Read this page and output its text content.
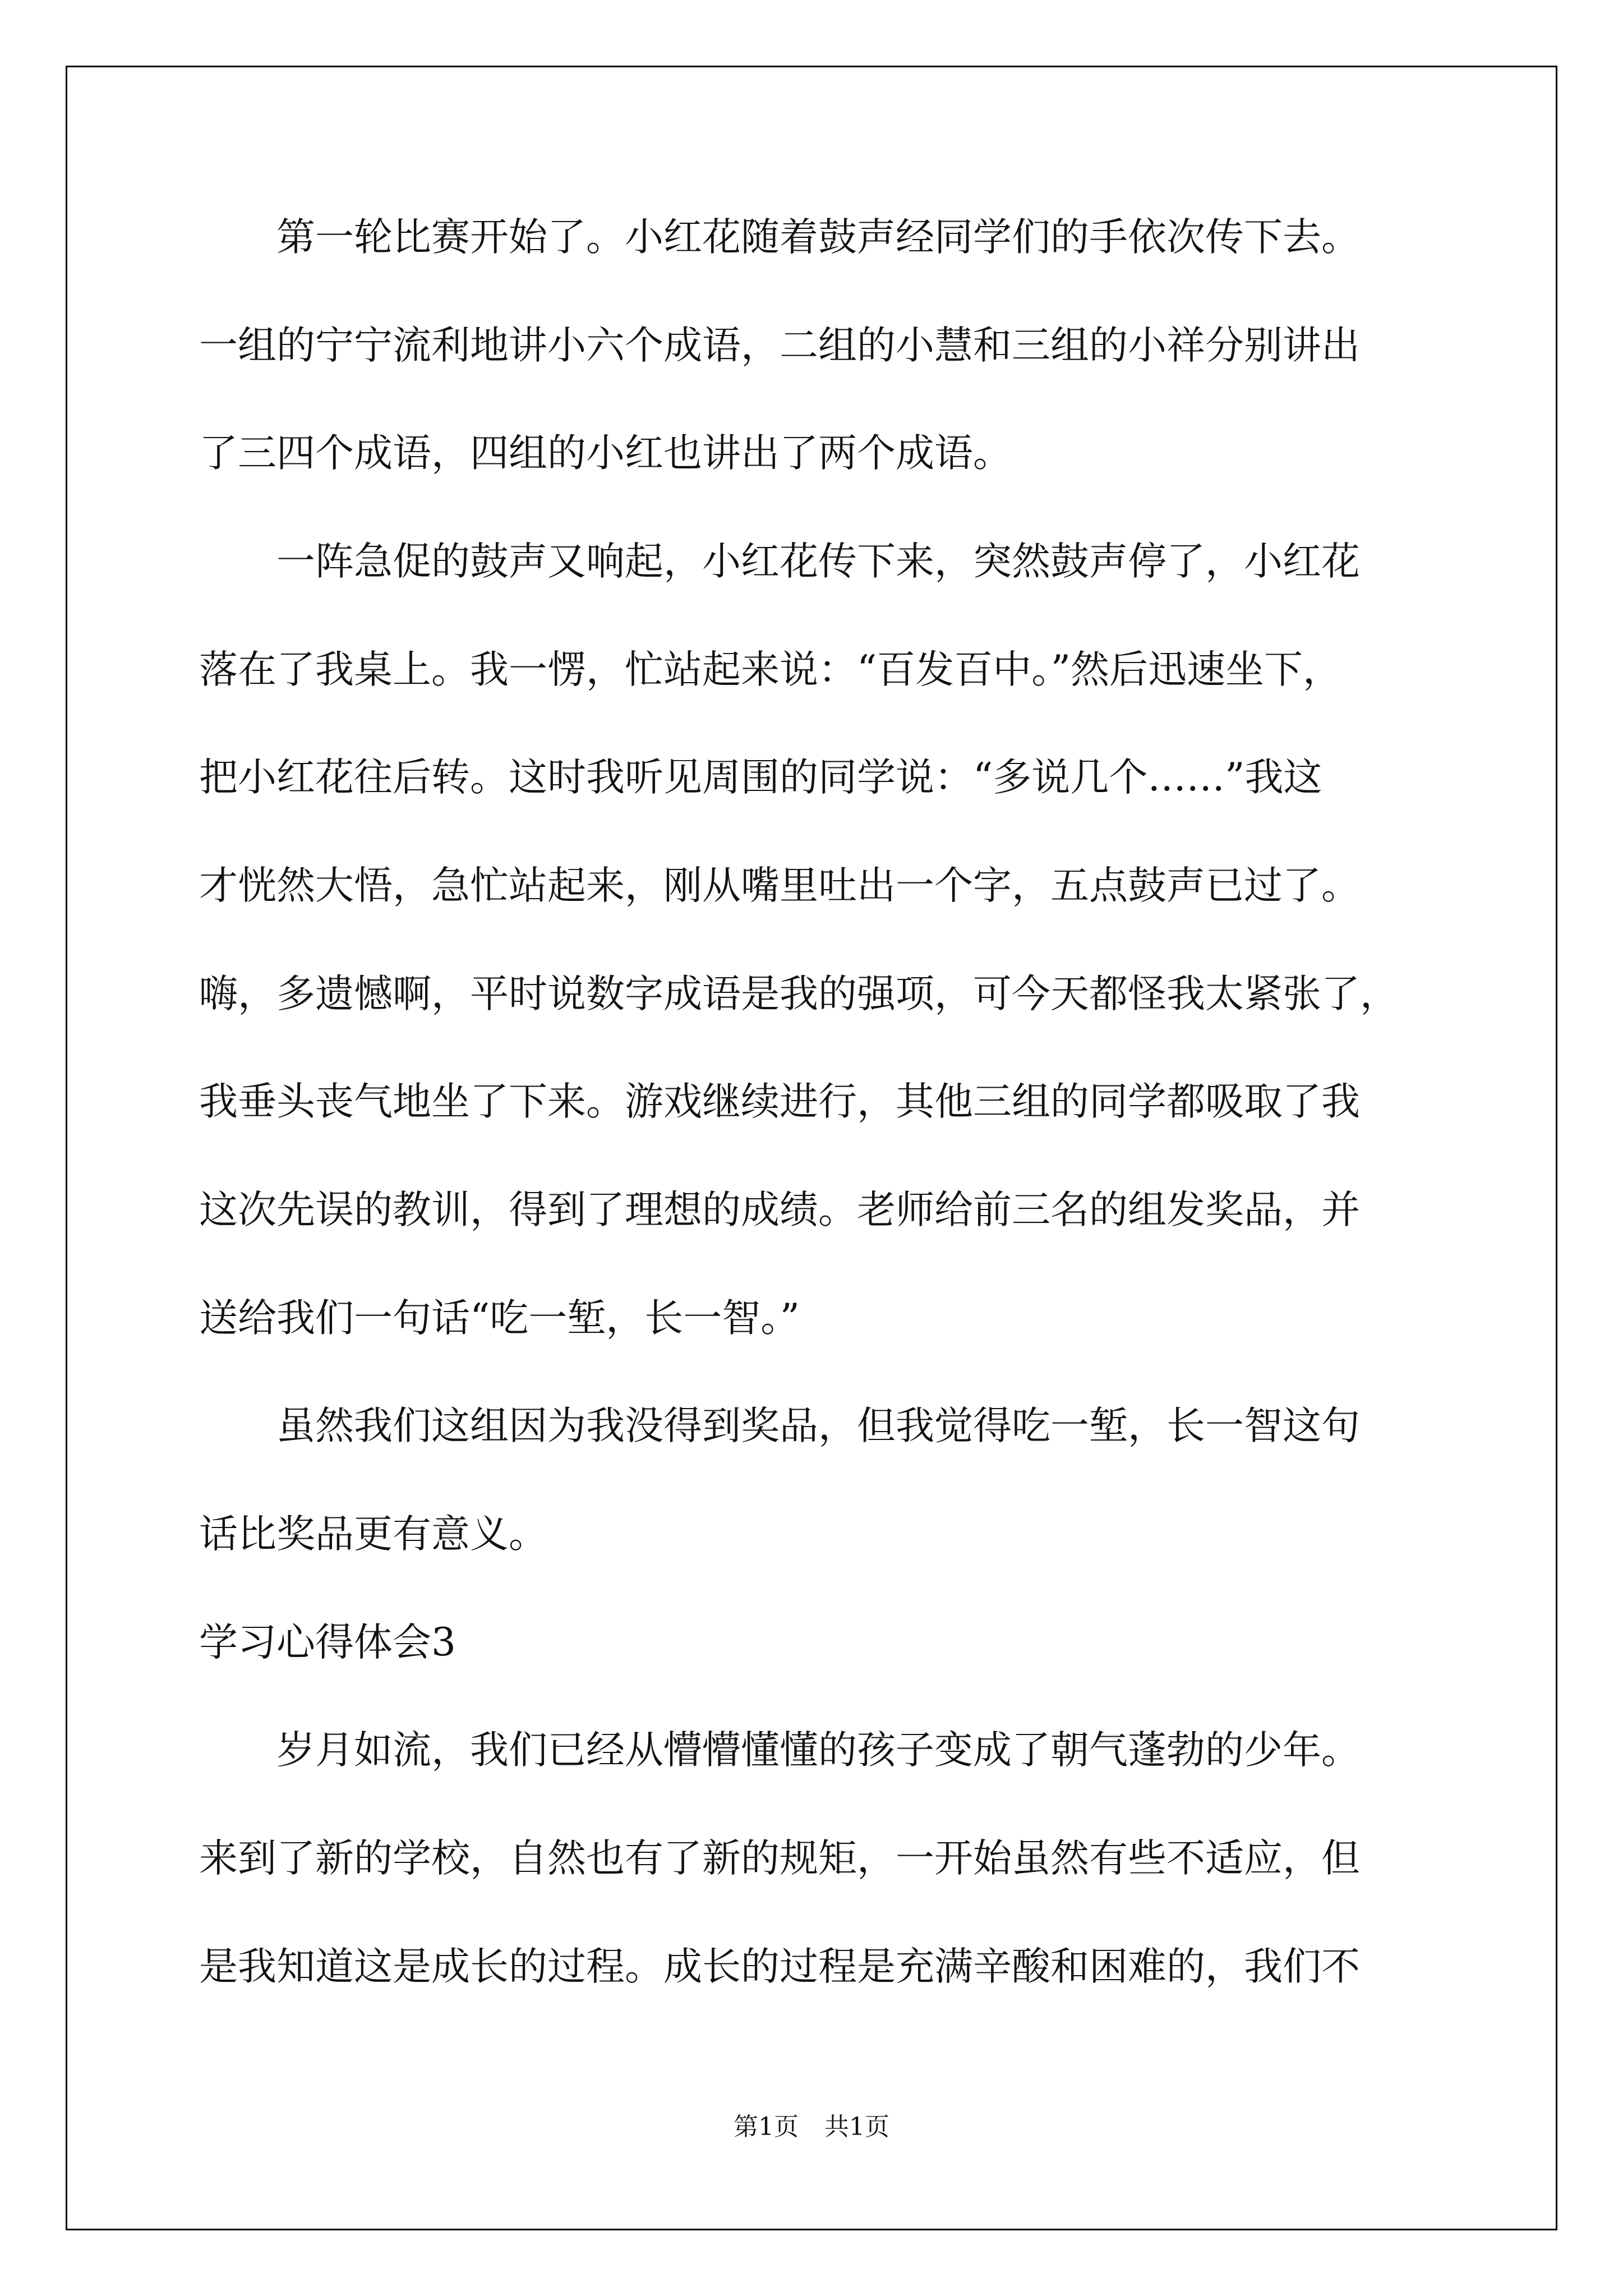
　　第一轮比赛开始了。小红花随着鼓声经同学们的手依次传下去。
一组的宁宁流利地讲小六个成语，二组的小慧和三组的小祥分别讲出
了三四个成语，四组的小红也讲出了两个成语。
　　一阵急促的鼓声又响起，小红花传下来，突然鼓声停了，小红花
落在了我桌上。我一愣，忙站起来说：“百发百中。”然后迅速坐下，
把小红花往后转。这时我听见周围的同学说：“多说几个……”我这
才恍然大悟，急忙站起来，刚从嘴里吐出一个字，五点鼓声已过了。
嗨，多遗憾啊，平时说数字成语是我的强项，可今天都怪我太紧张了，
我垂头丧气地坐了下来。游戏继续进行，其他三组的同学都吸取了我
这次先误的教训，得到了理想的成绩。老师给前三名的组发奖品，并
送给我们一句话“吃一堑，长一智。”
　　虽然我们这组因为我没得到奖品，但我觉得吃一堑，长一智这句
话比奖品更有意义。
学习心得体会3
　　岁月如流，我们已经从懵懵懂懂的孩子变成了朝气蓬勃的少年。
来到了新的学校，自然也有了新的规矩，一开始虽然有些不适应，但
是我知道这是成长的过程。成长的过程是充满辛酸和困难的，我们不
第1页 共1页
